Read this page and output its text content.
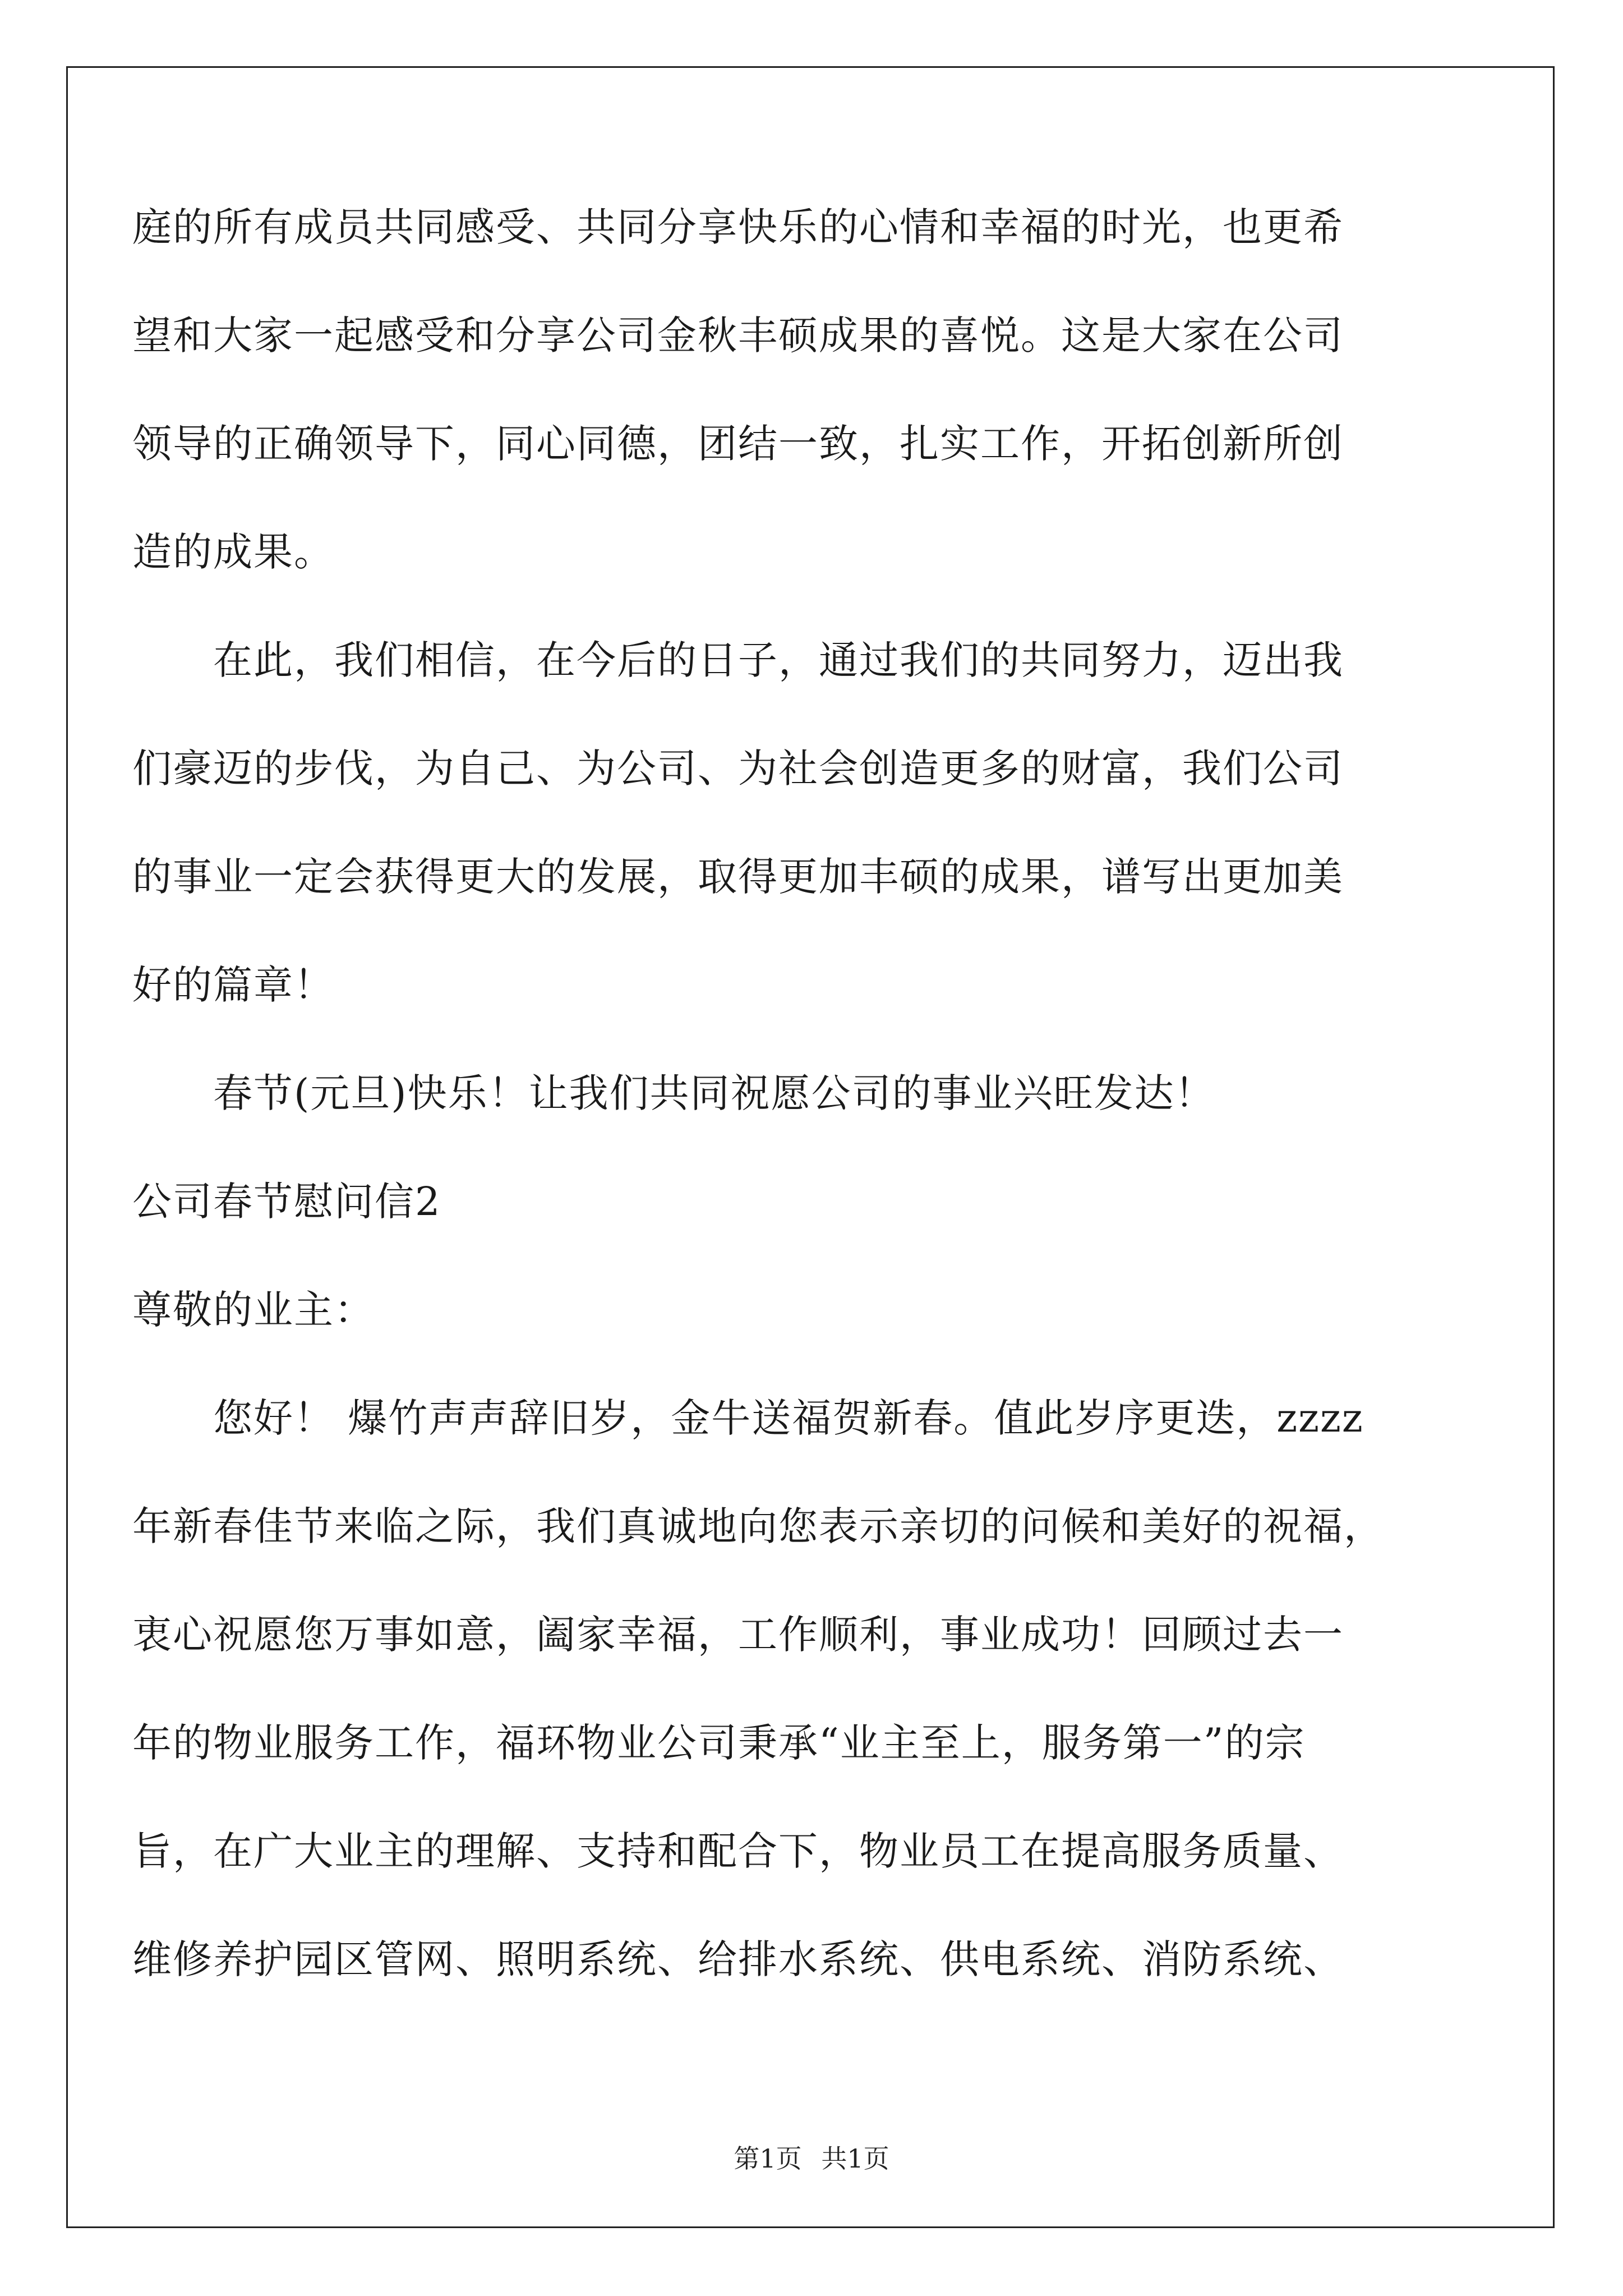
庭的所有成员共同感受、共同分享快乐的心情和幸福的时光，也更希
望和大家一起感受和分享公司金秋丰硕成果的喜悦。这是大家在公司
领导的正确领导下，同心同德，团结一致，扎实工作，开拓创新所创
造的成果。
　　在此，我们相信，在今后的日子，通过我们的共同努力，迈出我
们豪迈的步伐，为自己、为公司、为社会创造更多的财富，我们公司
的事业一定会获得更大的发展，取得更加丰硕的成果，谱写出更加美
好的篇章！
　　春节(元旦)快乐！让我们共同祝愿公司的事业兴旺发达！
公司春节慰问信2
尊敬的业主：
　　您好！ 爆竹声声辞旧岁，金牛送福贺新春。值此岁序更迭，zzzz
年新春佳节来临之际，我们真诚地向您表示亲切的问候和美好的祝福，
衷心祝愿您万事如意，阖家幸福，工作顺利，事业成功！回顾过去一
年的物业服务工作，福环物业公司秉承“业主至上，服务第一”的宗
旨，在广大业主的理解、支持和配合下，物业员工在提高服务质量、
维修养护园区管网、照明系统、给排水系统、供电系统、消防系统、
第1页 共1页
